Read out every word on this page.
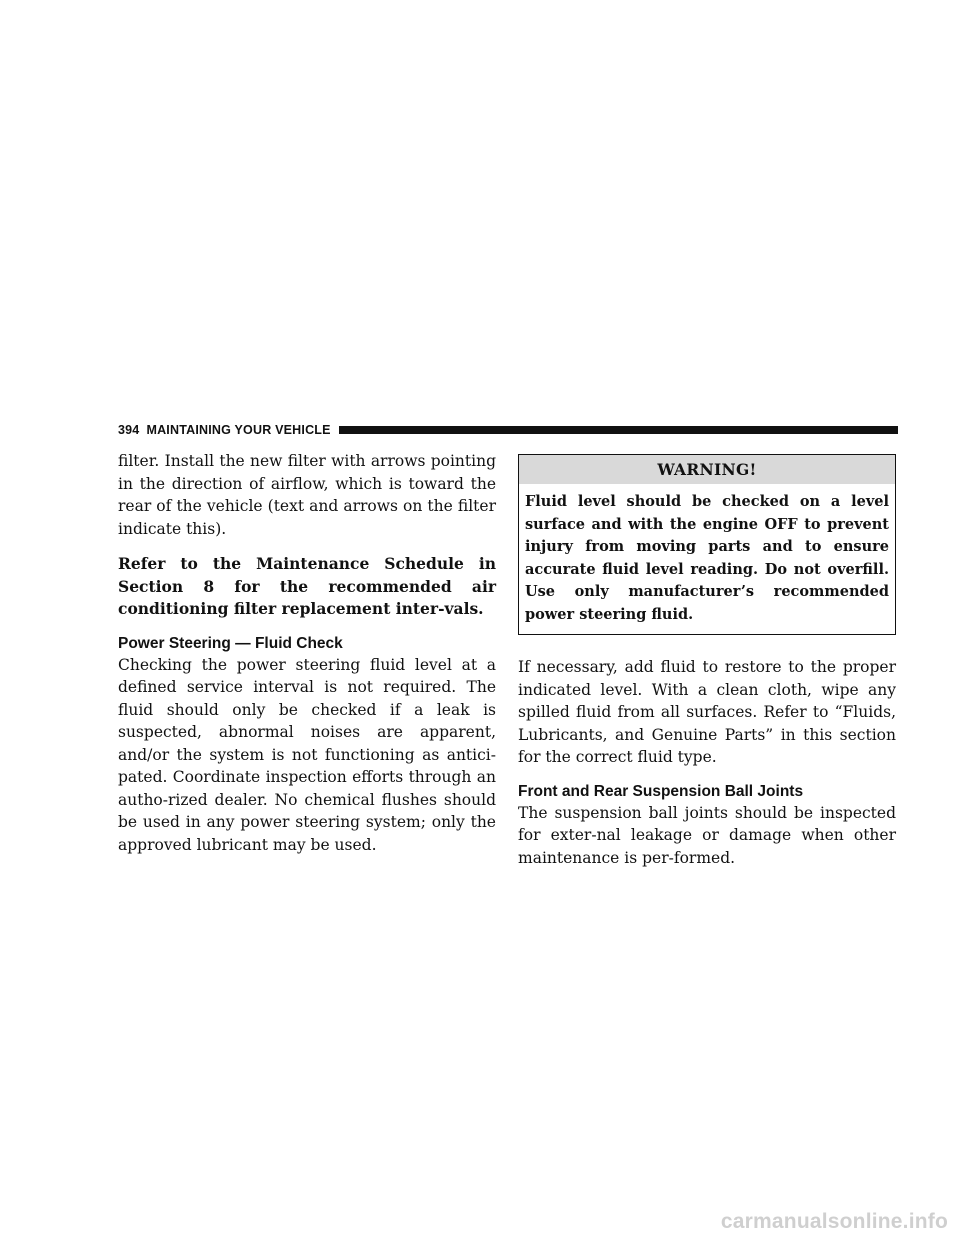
394 MAINTAINING YOUR VEHICLE

filter. Install the new filter with arrows pointing in the direction of airflow, which is toward the rear of the vehicle (text and arrows on the filter indicate this).

Refer to the Maintenance Schedule in Section 8 for the recommended air conditioning filter replacement inter-vals.

Power Steering — Fluid Check

Checking the power steering fluid level at a defined service interval is not required. The fluid should only be checked if a leak is suspected, abnormal noises are apparent, and/or the system is not functioning as antici-pated. Coordinate inspection efforts through an autho-rized dealer. No chemical flushes should be used in any power steering system; only the approved lubricant may be used.

WARNING!
Fluid level should be checked on a level surface and with the engine OFF to prevent injury from moving parts and to ensure accurate fluid level reading. Do not overfill. Use only manufacturer’s recommended power steering fluid.

If necessary, add fluid to restore to the proper indicated level. With a clean cloth, wipe any spilled fluid from all surfaces. Refer to “Fluids, Lubricants, and Genuine Parts” in this section for the correct fluid type.

Front and Rear Suspension Ball Joints

The suspension ball joints should be inspected for exter-nal leakage or damage when other maintenance is per-formed.

carmanualsonline.info
